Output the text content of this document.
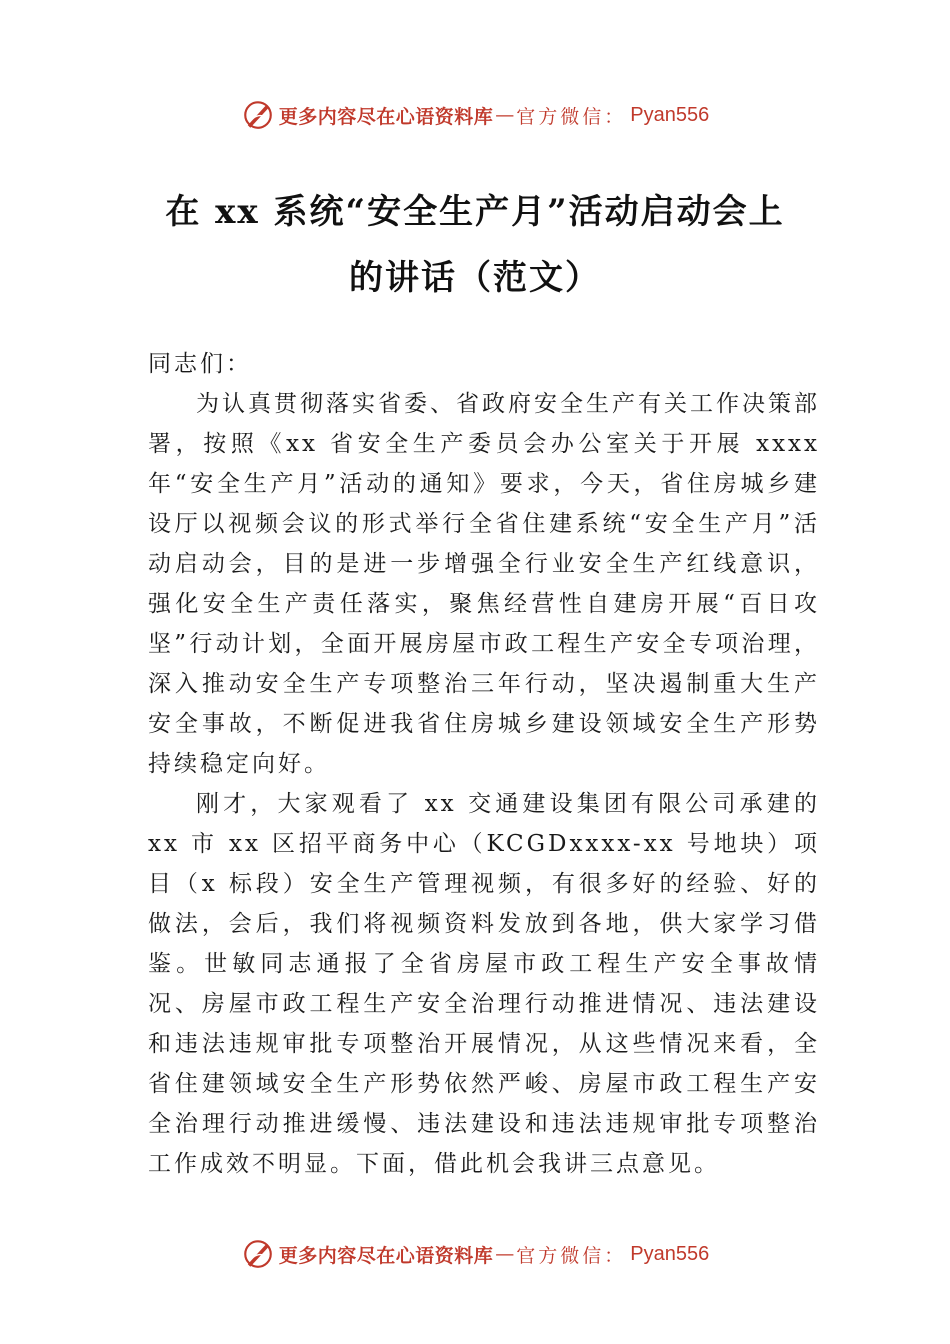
更多内容尽在心语资料库 — 官方微信： Pyan556
在 xx 系统“安全生产月”活动启动会上
的讲话（范文）

同志们：

为认真贯彻落实省委、省政府安全生产有关工作决策部署，按照《xx 省安全生产委员会办公室关于开展 xxxx 年“安全生产月”活动的通知》要求，今天，省住房城乡建设厅以视频会议的形式举行全省住建系统“安全生产月”活动启动会，目的是进一步增强全行业安全生产红线意识，强化安全生产责任落实，聚焦经营性自建房开展“百日攻坚”行动计划，全面开展房屋市政工程生产安全专项治理，深入推动安全生产专项整治三年行动，坚决遏制重大生产安全事故，不断促进我省住房城乡建设领域安全生产形势持续稳定向好。

刚才，大家观看了 xx 交通建设集团有限公司承建的 xx 市 xx 区招平商务中心（KCGDxxxx-xx 号地块）项目（x 标段）安全生产管理视频，有很多好的经验、好的做法，会后，我们将视频资料发放到各地，供大家学习借鉴。世敏同志通报了全省房屋市政工程生产安全事故情况、房屋市政工程生产安全治理行动推进情况、违法建设和违法违规审批专项整治开展情况，从这些情况来看，全省住建领域安全生产形势依然严峻、房屋市政工程生产安全治理行动推进缓慢、违法建设和违法违规审批专项整治工作成效不明显。下面，借此机会我讲三点意见。

更多内容尽在心语资料库 — 官方微信： Pyan556
